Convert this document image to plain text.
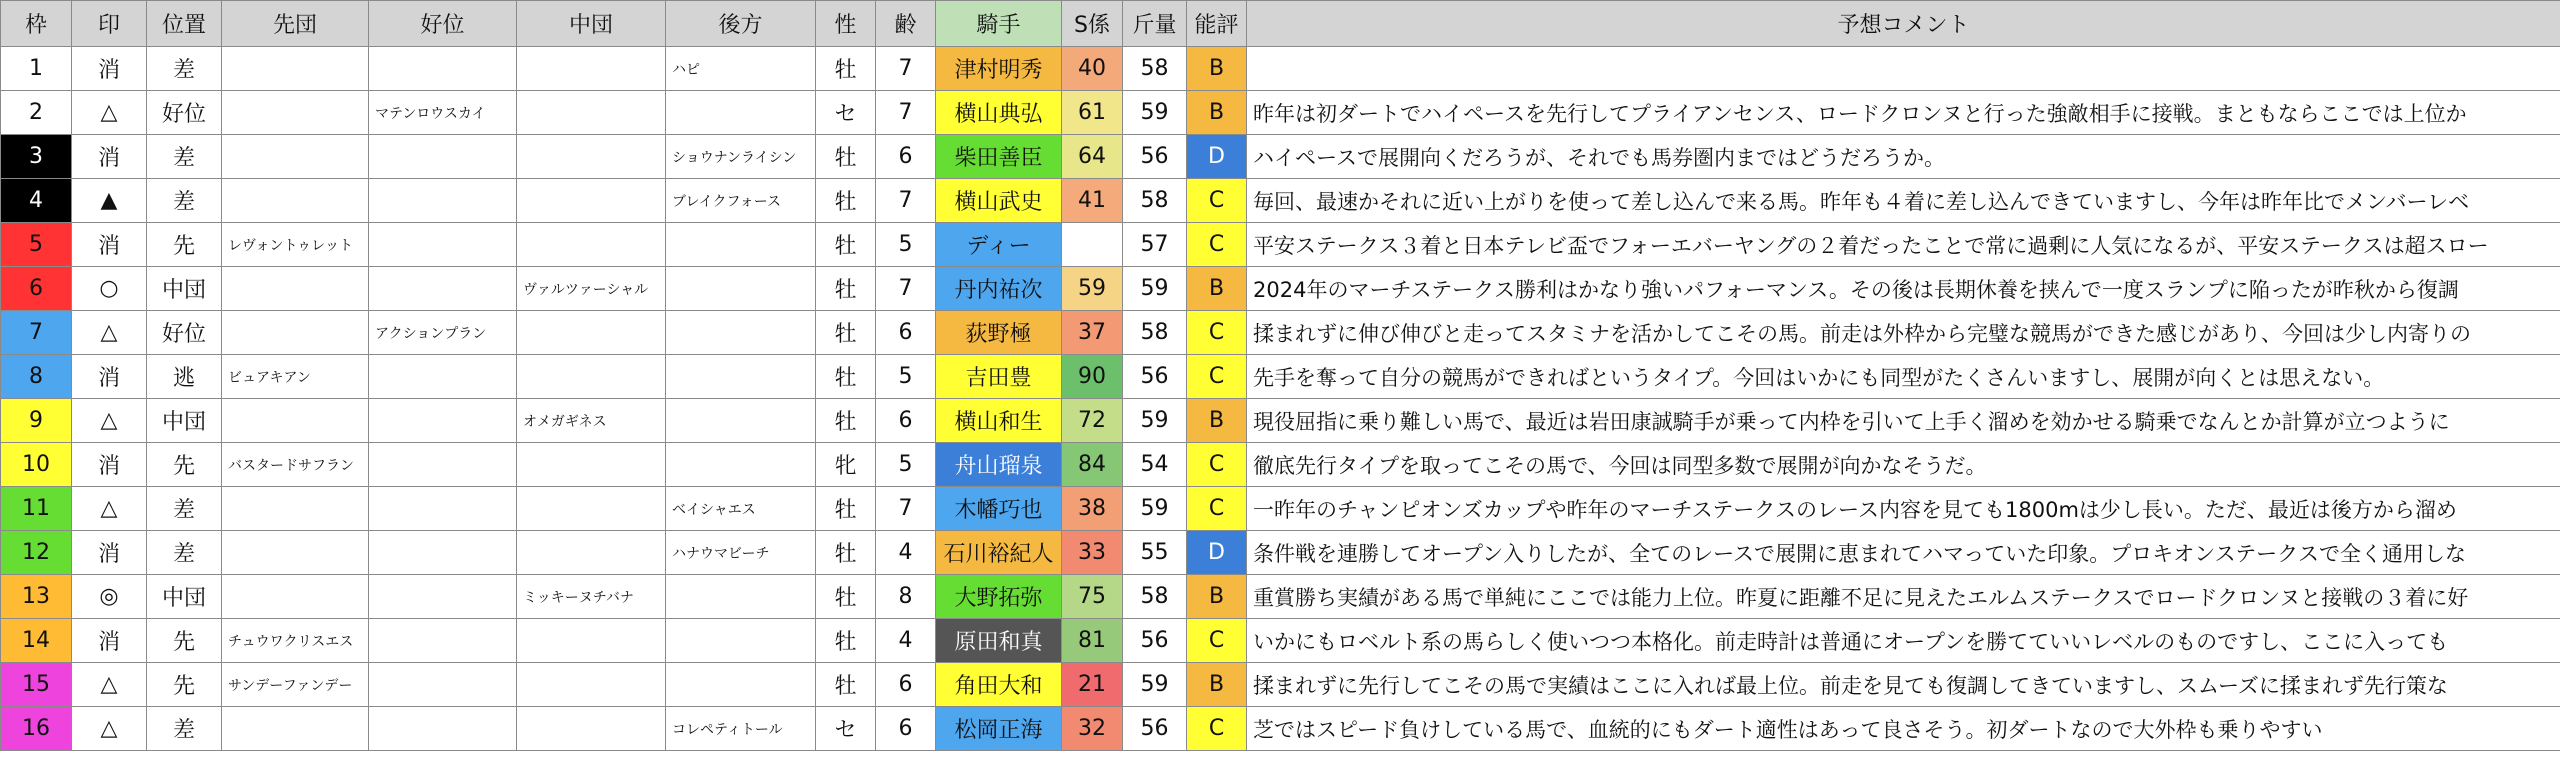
枠	印	位置	先団	好位	中団	後方	性	齢	騎手	S係	斤量	能評	予想コメント
1	消	差				ハピ	牡	7	津村明秀	40	58	B	
2	△	好位		マテンロウスカイ			セ	7	横山典弘	61	59	B	昨年は初ダートでハイペースを先行してプライアンセンス、ロードクロンヌと行った強敵相手に接戦。まともならここでは上位か
3	消	差				ショウナンライシン	牡	6	柴田善臣	64	56	D	ハイペースで展開向くだろうが、それでも馬券圏内まではどうだろうか。
4	▲	差				ブレイクフォース	牡	7	横山武史	41	58	C	毎回、最速かそれに近い上がりを使って差し込んで来る馬。昨年も４着に差し込んできていますし、今年は昨年比でメンバーレベ
5	消	先	レヴォントゥレット				牡	5	ディー		57	C	平安ステークス３着と日本テレビ盃でフォーエバーヤングの２着だったことで常に過剰に人気になるが、平安ステークスは超スロー
6	○	中団			ヴァルツァーシャル		牡	7	丹内祐次	59	59	B	2024年のマーチステークス勝利はかなり強いパフォーマンス。その後は長期休養を挟んで一度スランプに陥ったが昨秋から復調
7	△	好位		アクションプラン			牡	6	荻野極	37	58	C	揉まれずに伸び伸びと走ってスタミナを活かしてこその馬。前走は外枠から完璧な競馬ができた感じがあり、今回は少し内寄りの
8	消	逃	ビュアキアン				牡	5	吉田豊	90	56	C	先手を奪って自分の競馬ができればというタイプ。今回はいかにも同型がたくさんいますし、展開が向くとは思えない。
9	△	中団			オメガギネス		牡	6	横山和生	72	59	B	現役屈指に乗り難しい馬で、最近は岩田康誠騎手が乗って内枠を引いて上手く溜めを効かせる騎乗でなんとか計算が立つように
10	消	先	バスタードサフラン				牝	5	舟山瑠泉	84	54	C	徹底先行タイプを取ってこその馬で、今回は同型多数で展開が向かなそうだ。
11	△	差				ベイシャエス	牡	7	木幡巧也	38	59	C	一昨年のチャンピオンズカップや昨年のマーチステークスのレース内容を見ても1800mは少し長い。ただ、最近は後方から溜め
12	消	差				ハナウマビーチ	牡	4	石川裕紀人	33	55	D	条件戦を連勝してオープン入りしたが、全てのレースで展開に恵まれてハマっていた印象。プロキオンステークスで全く通用しな
13	◎	中団			ミッキーヌチバナ		牡	8	大野拓弥	75	58	B	重賞勝ち実績がある馬で単純にここでは能力上位。昨夏に距離不足に見えたエルムステークスでロードクロンヌと接戦の３着に好
14	消	先	チュウワクリスエス				牡	4	原田和真	81	56	C	いかにもロベルト系の馬らしく使いつつ本格化。前走時計は普通にオープンを勝てていいレベルのものですし、ここに入っても
15	△	先	サンデーファンデー				牡	6	角田大和	21	59	B	揉まれずに先行してこその馬で実績はここに入れば最上位。前走を見ても復調してきていますし、スムーズに揉まれず先行策な
16	△	差				コレペティトール	セ	6	松岡正海	32	56	C	芝ではスピード負けしている馬で、血統的にもダート適性はあって良さそう。初ダートなので大外枠も乗りやすい
